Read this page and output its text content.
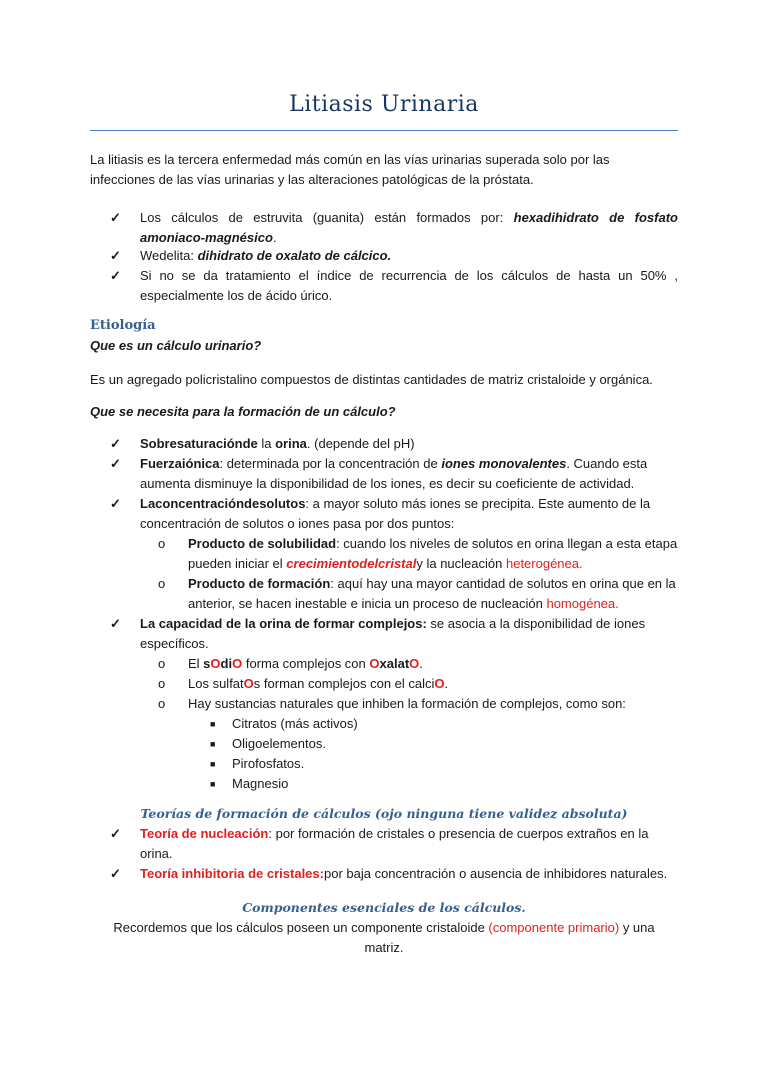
Litiasis Urinaria
La litiasis es la tercera enfermedad más común en las vías urinarias superada solo por las infecciones de las vías urinarias y las alteraciones patológicas de la próstata.
✓	Los cálculos de estruvita (guanita) están formados por: hexadihidrato de fosfato amoniaco-magnésico.
✓	Wedelita: dihidrato de oxalato de cálcico.
✓	Si no se da tratamiento el índice de recurrencia de los cálculos de hasta un 50% , especialmente los de ácido úrico.
Etiología
Que es un cálculo urinario?
Es un agregado policristalino compuestos de distintas cantidades de matriz cristaloide y orgánica.
Que se necesita para la formación de un cálculo?
✓	Sobresaturaciónde la orina. (depende del pH)
✓	Fuerzaiónica: determinada por la concentración de iones monovalentes. Cuando esta aumenta disminuye la disponibilidad de los iones, es decir su coeficiente de actividad.
✓	Laconcentracióndesolutos: a mayor soluto más iones se precipita. Este aumento de la concentración de solutos o iones pasa por dos puntos:
o Producto de solubilidad: cuando los niveles de solutos en orina llegan a esta etapa pueden iniciar el crecimientodelcristaly la nucleación heterogénea.
o Producto de formación: aquí hay una mayor cantidad de solutos en orina que en la anterior, se hacen inestable e inicia un proceso de nucleación homogénea.
✓	La capacidad de la orina de formar complejos: se asocia a la disponibilidad de iones específicos.
o El sOdiO forma complejos con OxalatO.
o Los sulfatOs forman complejos con el calciO.
o Hay sustancias naturales que inhiben la formación de complejos, como son:
■ Citratos (más activos)
■ Oligoelementos.
■ Pirofosfatos.
■ Magnesio
Teorías de formación de cálculos (ojo ninguna tiene validez absoluta)
✓	Teoría de nucleación: por formación de cristales o presencia de cuerpos extraños en la orina.
✓	Teoría inhibitoria de cristales:por baja concentración o ausencia de inhibidores naturales.
Componentes esenciales de los cálculos.
Recordemos que los cálculos poseen un componente cristaloide (componente primario) y una matriz.
